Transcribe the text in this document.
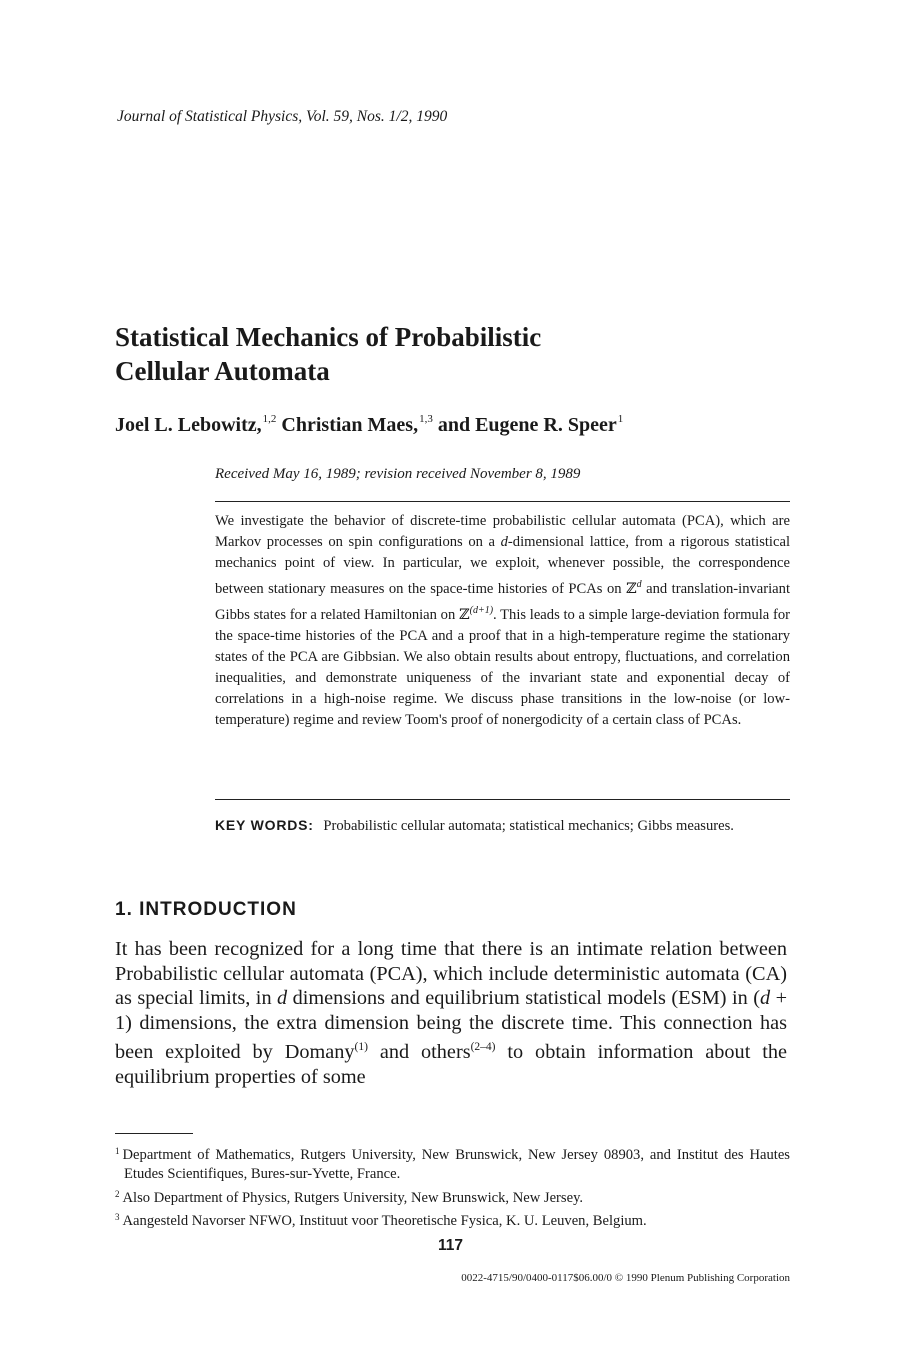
Journal of Statistical Physics, Vol. 59, Nos. 1/2, 1990
Statistical Mechanics of Probabilistic
Cellular Automata
Joel L. Lebowitz,$^{1,2}$ Christian Maes,$^{1,3}$ and Eugene R. Speer$^1$
Received May 16, 1989; revision received November 8, 1989
We investigate the behavior of discrete-time probabilistic cellular automata (PCA), which are Markov processes on spin configurations on a d-dimensional lattice, from a rigorous statistical mechanics point of view. In particular, we exploit, whenever possible, the correspondence between stationary measures on the space-time histories of PCAs on ℤ$^d$ and translation-invariant Gibbs states for a related Hamiltonian on ℤ$^{(d+1)}$. This leads to a simple large-deviation formula for the space-time histories of the PCA and a proof that in a high-temperature regime the stationary states of the PCA are Gibbsian. We also obtain results about entropy, fluctuations, and correlation inequalities, and demonstrate uniqueness of the invariant state and exponential decay of correlations in a high-noise regime. We discuss phase transitions in the low-noise (or low-temperature) regime and review Toom's proof of nonergodicity of a certain class of PCAs.
KEY WORDS: Probabilistic cellular automata; statistical mechanics; Gibbs measures.
1. INTRODUCTION
It has been recognized for a long time that there is an intimate relation between Probabilistic cellular automata (PCA), which include deterministic automata (CA) as special limits, in d dimensions and equilibrium statistical models (ESM) in (d + 1) dimensions, the extra dimension being the discrete time. This connection has been exploited by Domany$^{(1)}$ and others$^{(2-4)}$ to obtain information about the equilibrium properties of some
$^1$ Department of Mathematics, Rutgers University, New Brunswick, New Jersey 08903, and Institut des Hautes Etudes Scientifiques, Bures-sur-Yvette, France.
$^2$ Also Department of Physics, Rutgers University, New Brunswick, New Jersey.
$^3$ Aangesteld Navorser NFWO, Instituut voor Theoretische Fysica, K. U. Leuven, Belgium.
117
0022-4715/90/0400-0117$06.00/0 © 1990 Plenum Publishing Corporation
